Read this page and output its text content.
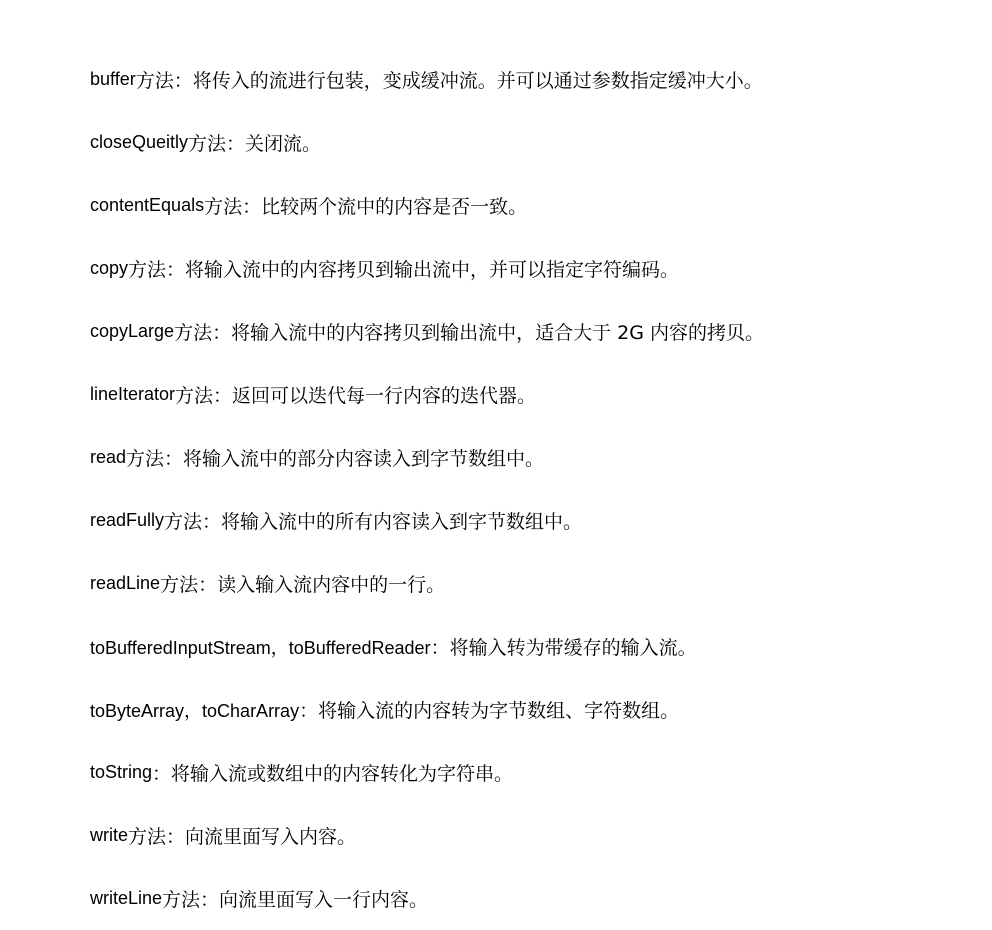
buffer 方法：将传入的流进行包装，变成缓冲流。并可以通过参数指定缓冲大小。

closeQueitly 方法：关闭流。

contentEquals 方法：比较两个流中的内容是否一致。

copy 方法：将输入流中的内容拷贝到输出流中，并可以指定字符编码。

copyLarge 方法：将输入流中的内容拷贝到输出流中，适合大于 2G 内容的拷贝。

lineIterator 方法：返回可以迭代每一行内容的迭代器。

read 方法：将输入流中的部分内容读入到字节数组中。

readFully 方法：将输入流中的所有内容读入到字节数组中。

readLine 方法：读入输入流内容中的一行。

toBufferedInputStream，toBufferedReader ：将输入转为带缓存的输入流。

toByteArray，toCharArray ：将输入流的内容转为字节数组、字符数组。

toString ：将输入流或数组中的内容转化为字符串。

write 方法：向流里面写入内容。

writeLine 方法：向流里面写入一行内容。
